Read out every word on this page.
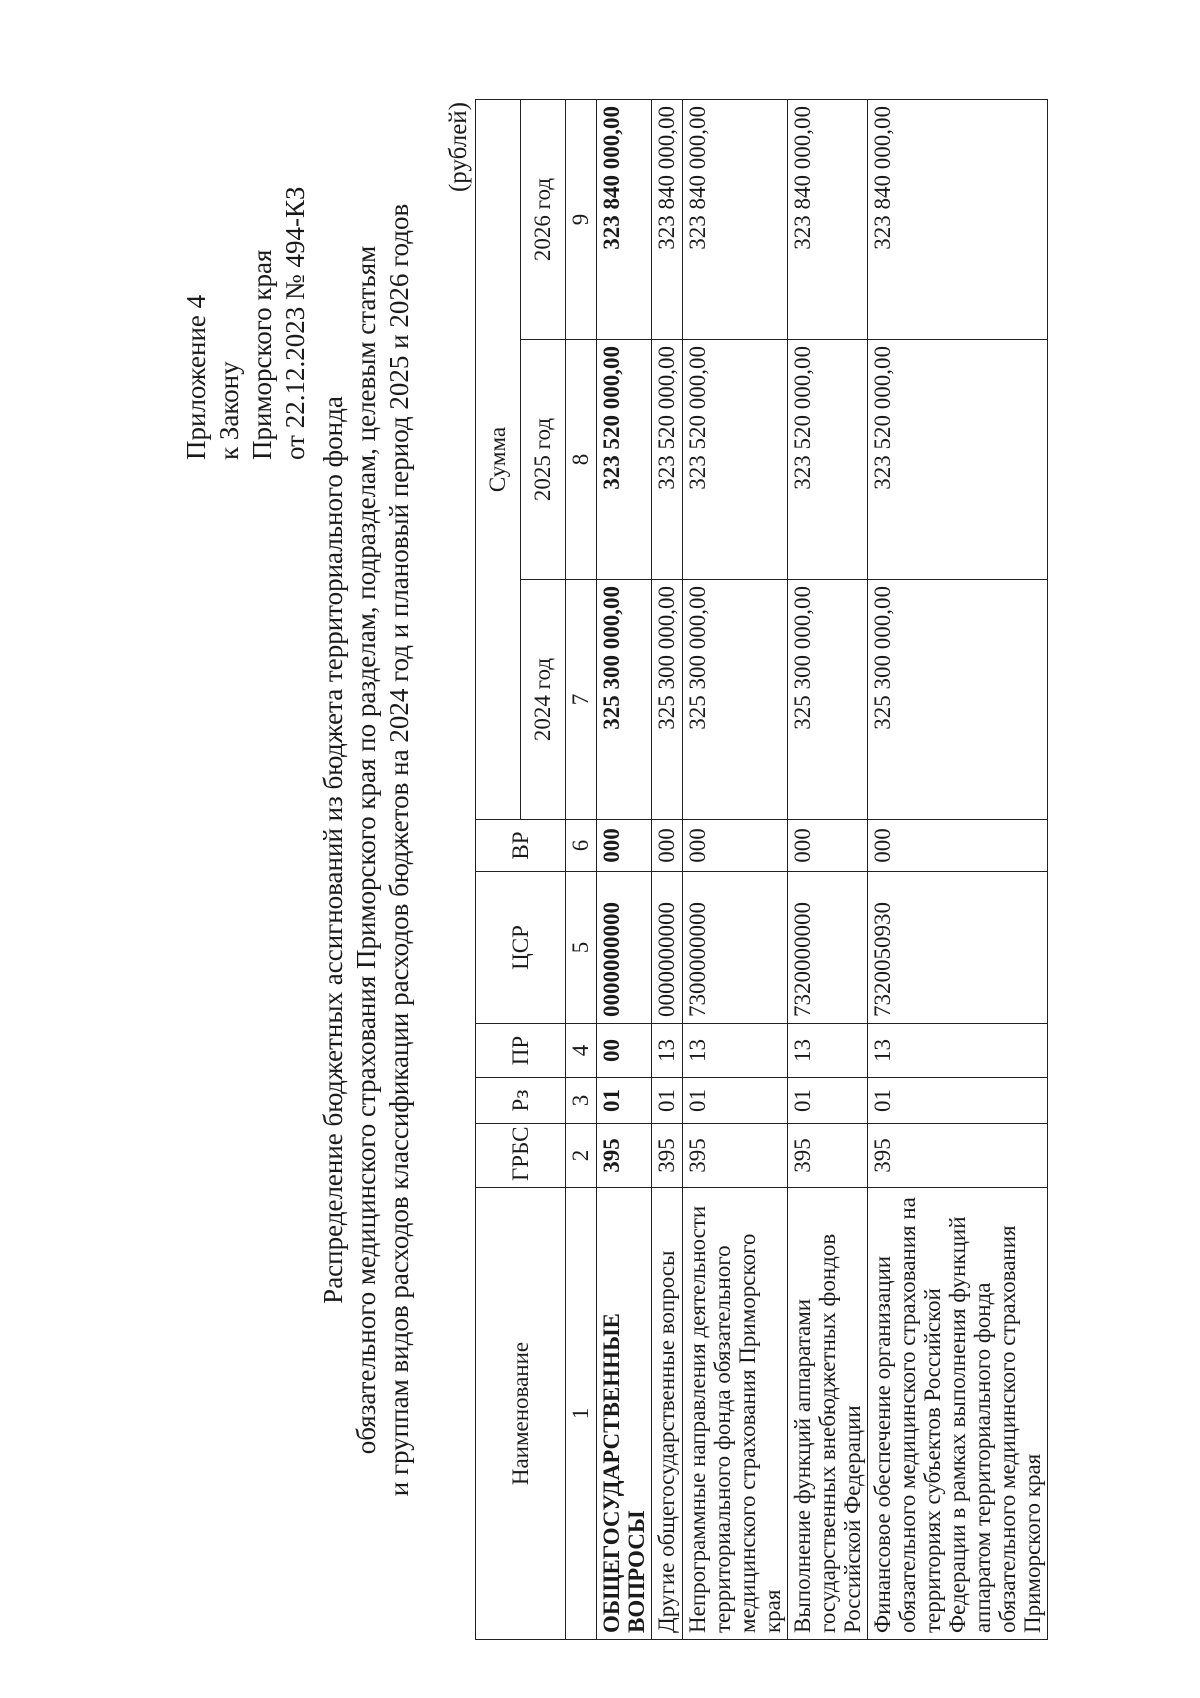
Приложение 4 к Закону Приморского края от 22.12.2023 № 494-КЗ
Распределение бюджетных ассигнований из бюджета территориального фонда обязательного медицинского страхования Приморского края по разделам, подразделам, целевым статьям и группам видов расходов классификации расходов бюджетов на 2024 год и плановый период 2025 и 2026 годов
(рублей)
Наименование	ГРБС	Рз	ПР	ЦСР	ВР	Сумма		
						2024 год	2025 год	2026 год
1	2	3	4	5	6	7	8	9
ОБЩЕГОСУДАРСТВЕННЫЕ ВОПРОСЫ	395	01	00	0000000000	000	325 300 000,00	323 520 000,00	323 840 000,00
Другие общегосударственные вопросы	395	01	13	0000000000	000	325 300 000,00	323 520 000,00	323 840 000,00
Непрограммные направления деятельности территориального фонда обязательного медицинского страхования Приморского края	395	01	13	7300000000	000	325 300 000,00	323 520 000,00	323 840 000,00
Выполнение функций аппаратами государственных внебюджетных фондов Российской Федерации	395	01	13	7320000000	000	325 300 000,00	323 520 000,00	323 840 000,00
Финансовое обеспечение организации обязательного медицинского страхования на территориях субъектов Российской Федерации в рамках выполнения функций аппаратом территориального фонда обязательного медицинского страхования Приморского края	395	01	13	7320050930	000	325 300 000,00	323 520 000,00	323 840 000,00
